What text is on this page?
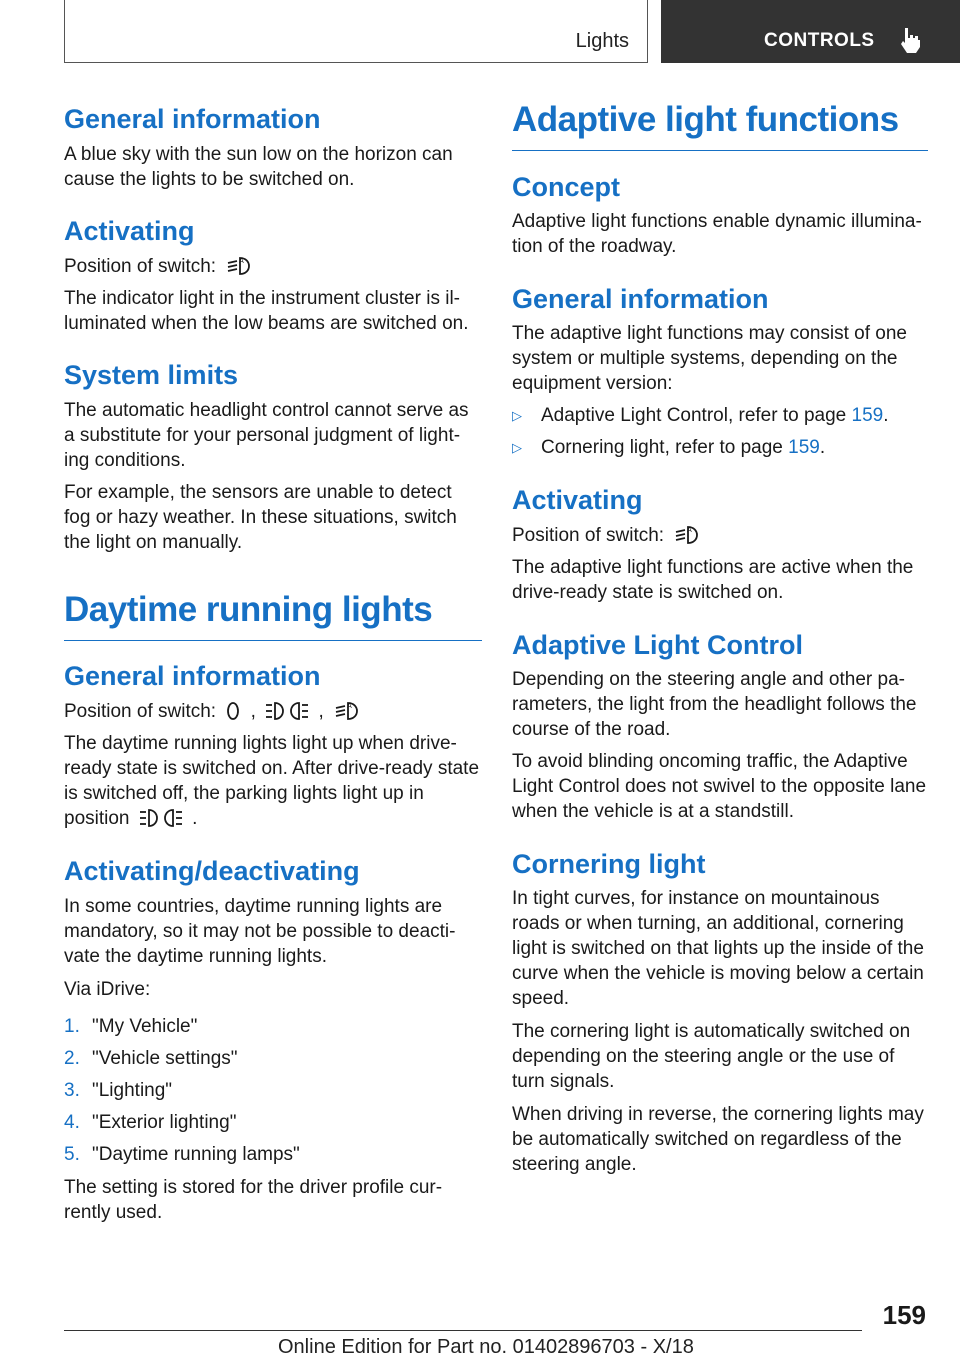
Lights	CONTROLS
General information

A blue sky with the sun low on the horizon can cause the lights to be switched on.

Activating

Position of switch:	A

The indicator light in the instrument cluster is il-luminated when the low beams are switched on.

System limits

The automatic headlight control cannot serve as a substitute for your personal judgment of light-ing conditions.

For example, the sensors are unable to detect fog or hazy weather. In these situations, switch the light on manually.

Daytime running lights
General information

Position of switch: ,	,	A

The daytime running lights light up when drive-ready state is switched on. After drive-ready state is switched off, the parking lights light up in position	.

Activating/deactivating

In some countries, daytime running lights are mandatory, so it may not be possible to deacti-vate the daytime running lights.

Via iDrive:

1. "My Vehicle"
2. "Vehicle settings"
3. "Lighting"
4. "Exterior lighting"
5. "Daytime running lamps"

The setting is stored for the driver profile cur-rently used.

Adaptive light functions
Concept

Adaptive light functions enable dynamic illumina-tion of the roadway.

General information

The adaptive light functions may consist of one system or multiple systems, depending on the equipment version:

▷ Adaptive Light Control, refer to page 159.
▷ Cornering light, refer to page 159.
Activating

Position of switch:	A

The adaptive light functions are active when the drive-ready state is switched on.

Adaptive Light Control

Depending on the steering angle and other pa-rameters, the light from the headlight follows the course of the road.

To avoid blinding oncoming traffic, the Adaptive Light Control does not swivel to the opposite lane when the vehicle is at a standstill.

Cornering light

In tight curves, for instance on mountainous roads or when turning, an additional, cornering light is switched on that lights up the inside of the curve when the vehicle is moving below a certain speed.

The cornering light is automatically switched on depending on the steering angle or the use of turn signals.

When driving in reverse, the cornering lights may be automatically switched on regardless of the steering angle.

159
Online Edition for Part no. 01402896703 - X/18
